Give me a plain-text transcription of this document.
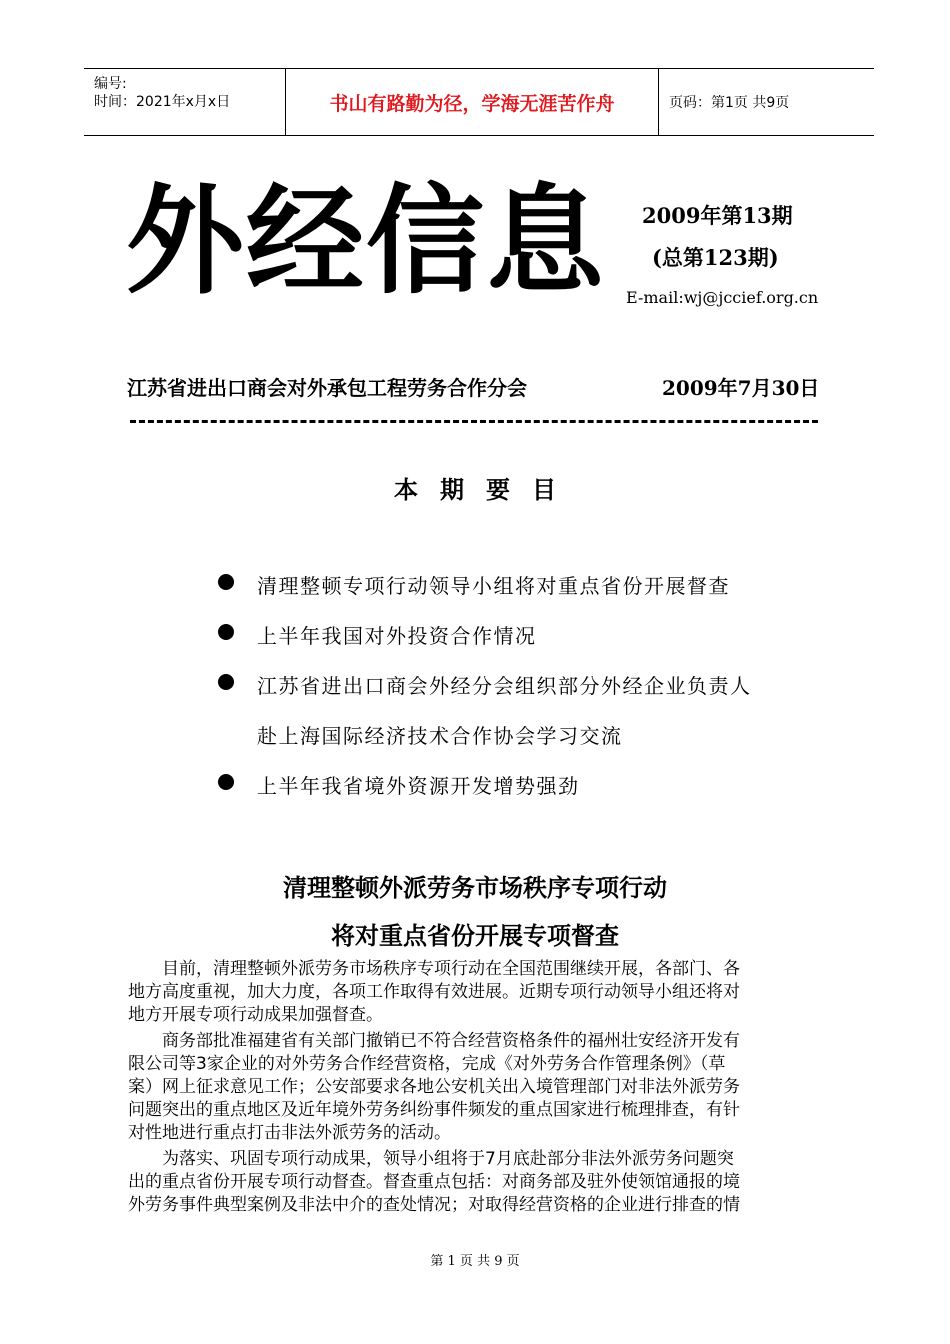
编号:
时间：2021年x月x日	书山有路勤为径，学海无涯苦作舟	页码：第1页 共9页
外经信息 2009年第13期
(总第123期)
E-mail:wj@jccief.org.cn
江苏省进出口商会对外承包工程劳务合作分会	2009年7月30日
本期要目
清理整顿专项行动领导小组将对重点省份开展督查
上半年我国对外投资合作情况
江苏省进出口商会外经分会组织部分外经企业负责人
赴上海国际经济技术合作协会学习交流
上半年我省境外资源开发增势强劲
清理整顿外派劳务市场秩序专项行动
将对重点省份开展专项督查
　　目前，清理整顿外派劳务市场秩序专项行动在全国范围继续开展，各部门、各
地方高度重视，加大力度，各项工作取得有效进展。近期专项行动领导小组还将对
地方开展专项行动成果加强督查。
　　商务部批准福建省有关部门撤销已不符合经营资格条件的福州壮安经济开发有
限公司等3家企业的对外劳务合作经营资格，完成《对外劳务合作管理条例》（草
案）网上征求意见工作；公安部要求各地公安机关出入境管理部门对非法外派劳务
问题突出的重点地区及近年境外劳务纠纷事件频发的重点国家进行梳理排查，有针
对性地进行重点打击非法外派劳务的活动。
　　为落实、巩固专项行动成果，领导小组将于7月底赴部分非法外派劳务问题突
出的重点省份开展专项行动督查。督查重点包括：对商务部及驻外使领馆通报的境
外劳务事件典型案例及非法中介的查处情况；对取得经营资格的企业进行排查的情
第 1 页 共 9 页
